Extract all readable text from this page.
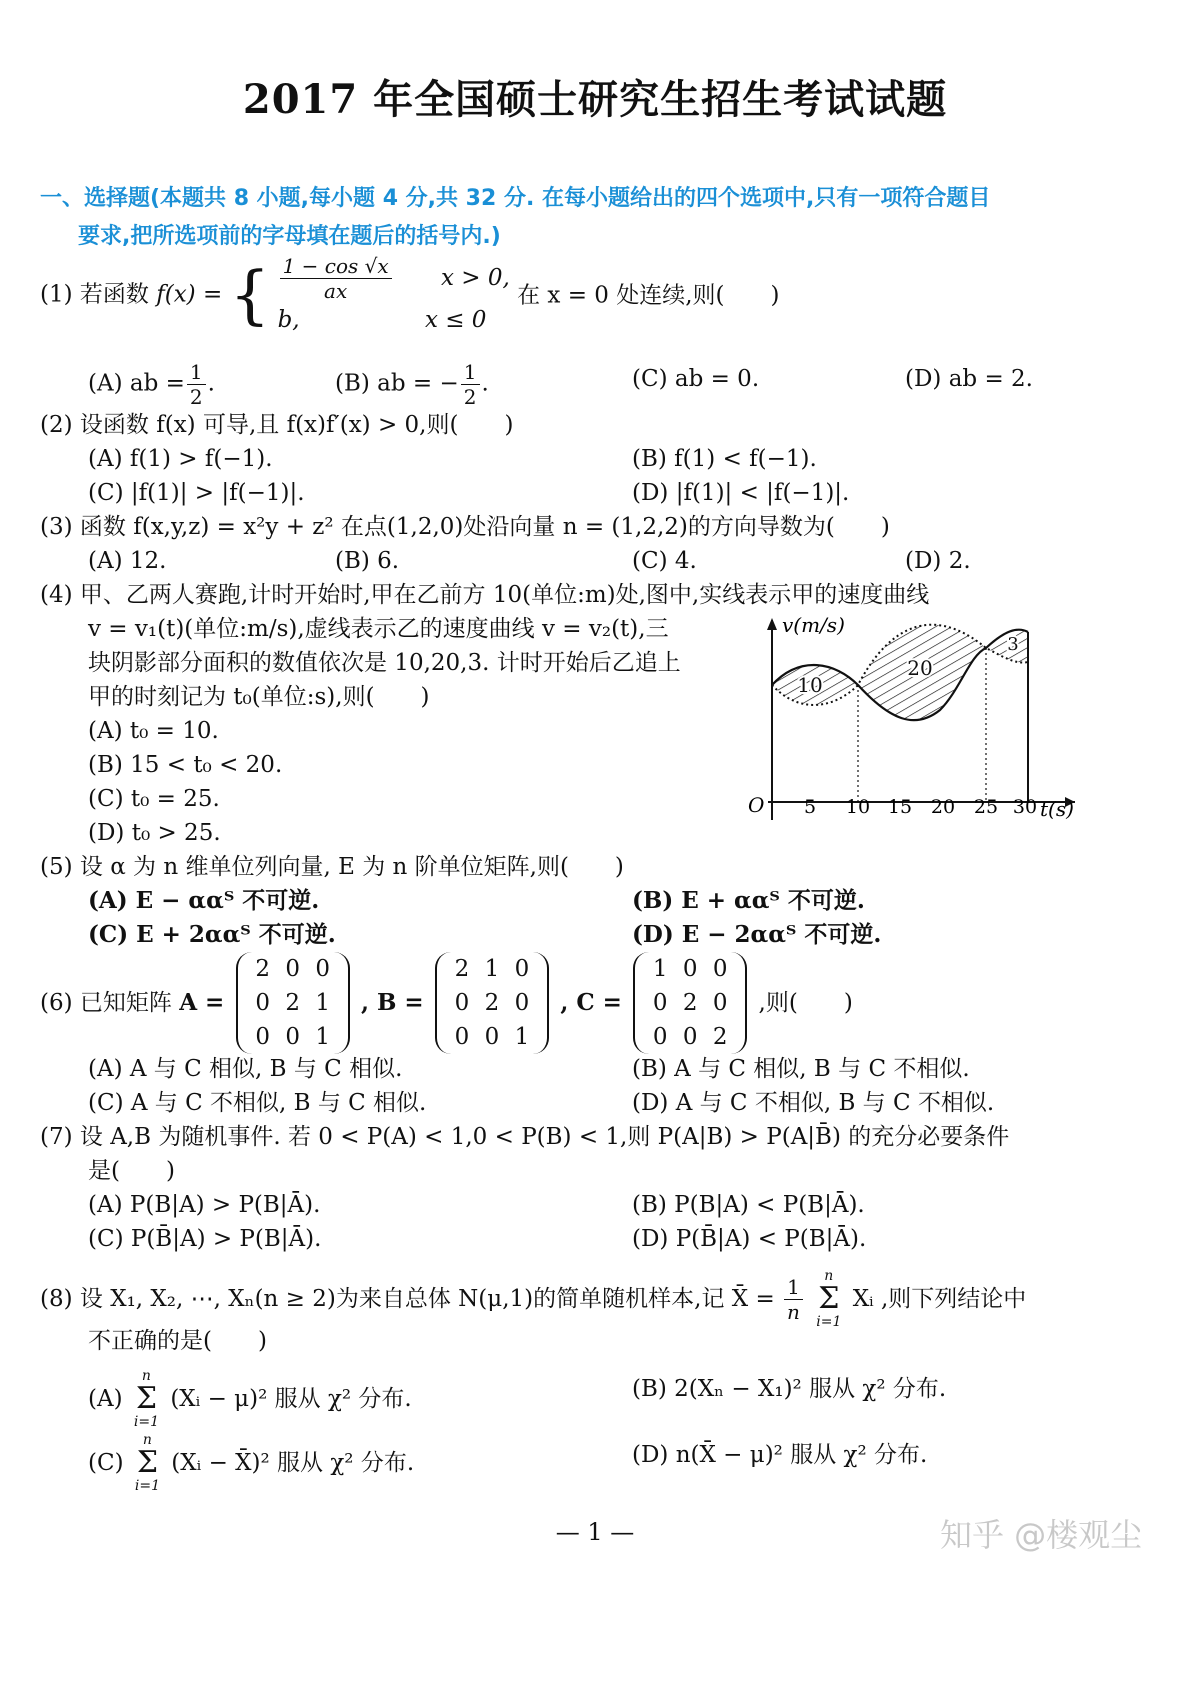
2017 年全国硕士研究生招生考试试题
一、选择题(本题共 8 小题,每小题 4 分,共 32 分. 在每小题给出的四个选项中,只有一项符合题目
要求,把所选项前的字母填在题后的括号内.)
(1) 若函数 f(x) = { $\frac{1 - \cos √x}{ax}$ x > 0,
b,	x ≤ 0
在 x = 0 处连续,则(　　)
(A) ab = $\frac{1}{2}$ .	(B) ab = − $\frac{1}{2}$ .	(C) ab = 0.	(D) ab = 2.
(2) 设函数 f(x) 可导,且 f(x)f′(x) > 0,则(　　)
(A) f(1) > f(−1).	(B) f(1) < f(−1).
(C) |f(1)| > |f(−1)|.	(D) |f(1)| < |f(−1)|.
(3) 函数 f(x,y,z) = x²y + z² 在点(1,2,0)处沿向量 n = (1,2,2)的方向导数为(　　)
(A) 12.	(B) 6.	(C) 4.	(D) 2.
(4) 甲、乙两人赛跑,计时开始时,甲在乙前方 10(单位:m)处,图中,实线表示甲的速度曲线
v = v₁(t)(单位:m/s),虚线表示乙的速度曲线 v = v₂(t),三
块阴影部分面积的数值依次是 10,20,3. 计时开始后乙追上
甲的时刻记为 t₀(单位:s),则(　　)
(A) t₀ = 10.
(B) 15 < t₀ < 20.
(C) t₀ = 25.
(D) t₀ > 25.
v(m/s)
t(s)
O 5 10 15 20 25 30
10
20
3
(5) 设 α 为 n 维单位列向量, E 为 n 阶单位矩阵,则(　　)
(A) E − ααᵀ 不可逆.	(B) E + ααᵀ 不可逆.
(C) E + 2ααᵀ 不可逆.	(D) E − 2ααᵀ 不可逆.
(6) 已知矩阵 A = 2 0 0
0 2 1
0 0 1 , B = 2 1 0
0 2 0
0 0 1 , C = 1 0 0
0 2 0
0 0 2 ,则(　　)
(A) A 与 C 相似, B 与 C 相似.	(B) A 与 C 相似, B 与 C 不相似.
(C) A 与 C 不相似, B 与 C 相似.	(D) A 与 C 不相似, B 与 C 不相似.
(7) 设 A,B 为随机事件. 若 0 < P(A) < 1,0 < P(B) < 1,则 P(A|B) > P(A|B̄) 的充分必要条件
是(　　)
(A) P(B|A) > P(B|Ā).	(B) P(B|A) < P(B|Ā).
(C) P(B̄|A) > P(B|Ā).	(D) P(B̄|A) < P(B|Ā).
(8) 设 X₁, X₂, ⋯, Xₙ(n ≥ 2)为来自总体 N(μ,1)的简单随机样本,记 X̄ = $\frac{1}{n}$ n
Σ
i=1 Xᵢ ,则下列结论中
不正确的是(　　)
(A) n
Σ
i=1 (Xᵢ − μ)² 服从 χ² 分布.	(B) 2(Xₙ − X₁)² 服从 χ² 分布.
(C) n
Σ
i=1 (Xᵢ − X̄)² 服从 χ² 分布.	(D) n(X̄ − μ)² 服从 χ² 分布.
— 1 —	知乎 @楼观尘
